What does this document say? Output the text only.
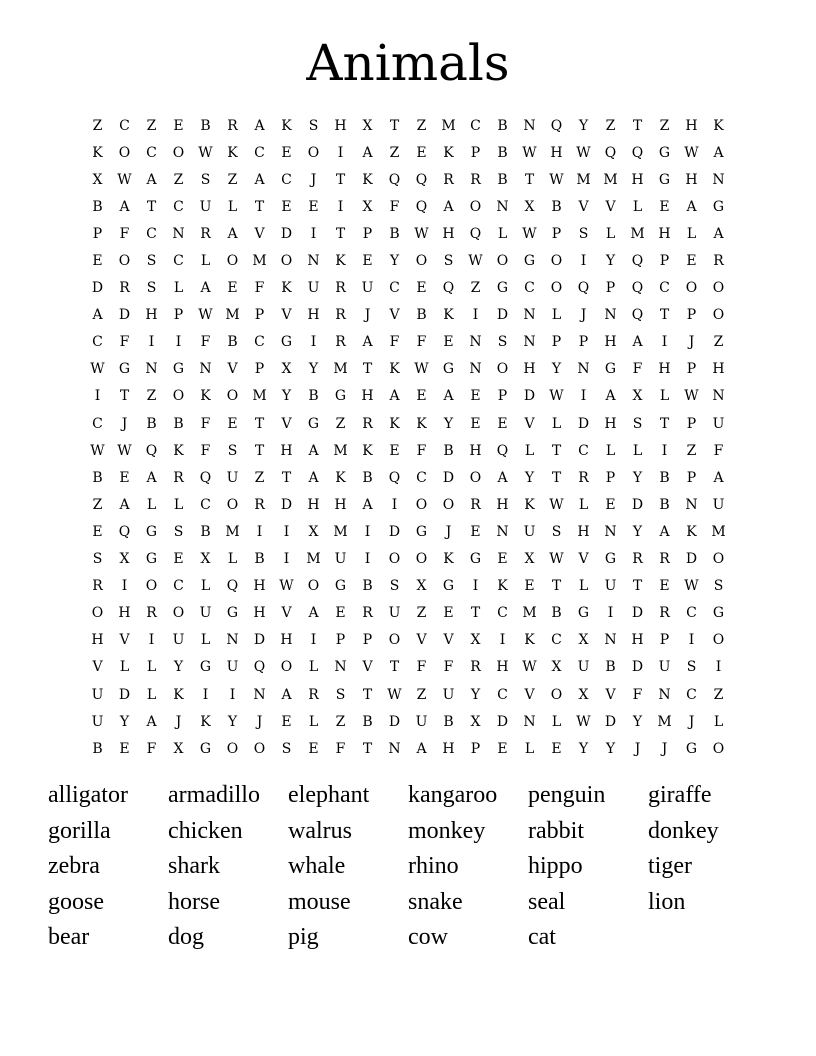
Animals
Z	C	Z	E	B	R	A	K	S	H	X	T	Z	M	C	B	N	Q	Y	Z	T	Z	H	K
K	O	C	O	W	K	C	E	O	I	A	Z	E	K	P	B	W H W	Q	Q	G	W	A
X	W	A	Z	S	Z	A	C	J	T	K	Q	Q	R	R	B	T	W M M H	G	H	N
B	A	T	C	U	L	T	E	E	I	X	F	Q	A	O	N	X	B	V	V	L	E	A	G
P	F	C	N	R	A	V	D	I	T	P	B	W H	Q	L	W	P	S	L	M H	L	A
E	O	S	C	L	O	M	O	N	K	E	Y	O	S	W	O	G	O	I	Y	Q	P	E	R
D	R	S	L	A	E	F	K	U	R	U	C	E	Q	Z	G	C	O	Q	P	Q	C	O	O
A	D	H	P	W M	P	V	H	R	J	V	B	K	I	D	N	L	J	N	Q	T	P	O
C	F	I	I	F	B	C	G	I	R	A	F	F	E	N	S	N	P	P	H	A	I	J	Z
W	G	N	G	N	V	P	X	Y	M	T	K	W	G	N	O	H	Y	N	G	F	H	P	H
I	T	Z	O	K	O	M	Y	B	G	H	A	E	A	E	P	D	W	I	A	X	L	W N
C	J	B	B	F	E	T	V	G	Z	R	K	K	Y	E	E	V	L	D	H	S	T	P	U
W W	Q	K	F	S	T	H	A	M	K	E	F	B	H	Q	L	T	C	L	L	I	Z	F
B	E	A	R	Q	U	Z	T	A	K	B	Q	C	D	O	A	Y	T	R	P	Y	B	P	A
Z	A	L	L	C	O	R	D	H	H	A	I	O	O	R	H	K	W	L	E	D	B	N	U
E	Q	G	S	B	M	I	I	X	M	I	D	G	J	E	N	U	S	H	N	Y	A	K	M
S	X	G	E	X	L	B	I	M U	I	O	O	K	G	E	X	W	V	G	R	R	D	O
R	I	O	C	L	Q	H W	O	G	B	S	X	G	I	K	E	T	L	U	T	E	W	S
O	H	R	O	U	G	H	V	A	E	R	U	Z	E	T	C	M	B	G	I	D	R	C	G
H	V	I	U	L	N	D	H	I	P	P	O	V	V	X	I	K	C	X	N	H	P	I	O
V	L	L	Y	G	U	Q	O	L	N	V	T	F	F	R	H W	X	U	B	D	U	S	I
U	D	L	K	I	I	N	A	R	S	T	W	Z	U	Y	C	V	O	X	V	F	N	C	Z
U	Y	A	J	K	Y	J	E	L	Z	B	D	U	B	X	D	N	L	W	D	Y	M	J	L
B	E	F	X	G	O	O	S	E	F	T	N	A	H	P	E	L	E	Y	Y	J	J	G	O
alligator	armadillo	elephant	kangaroo	penguin	giraffe
gorilla	chicken	walrus	monkey	rabbit	donkey
zebra	shark	whale	rhino	hippo	tiger
goose	horse	mouse	snake	seal	lion
bear	dog	pig	cow	cat
